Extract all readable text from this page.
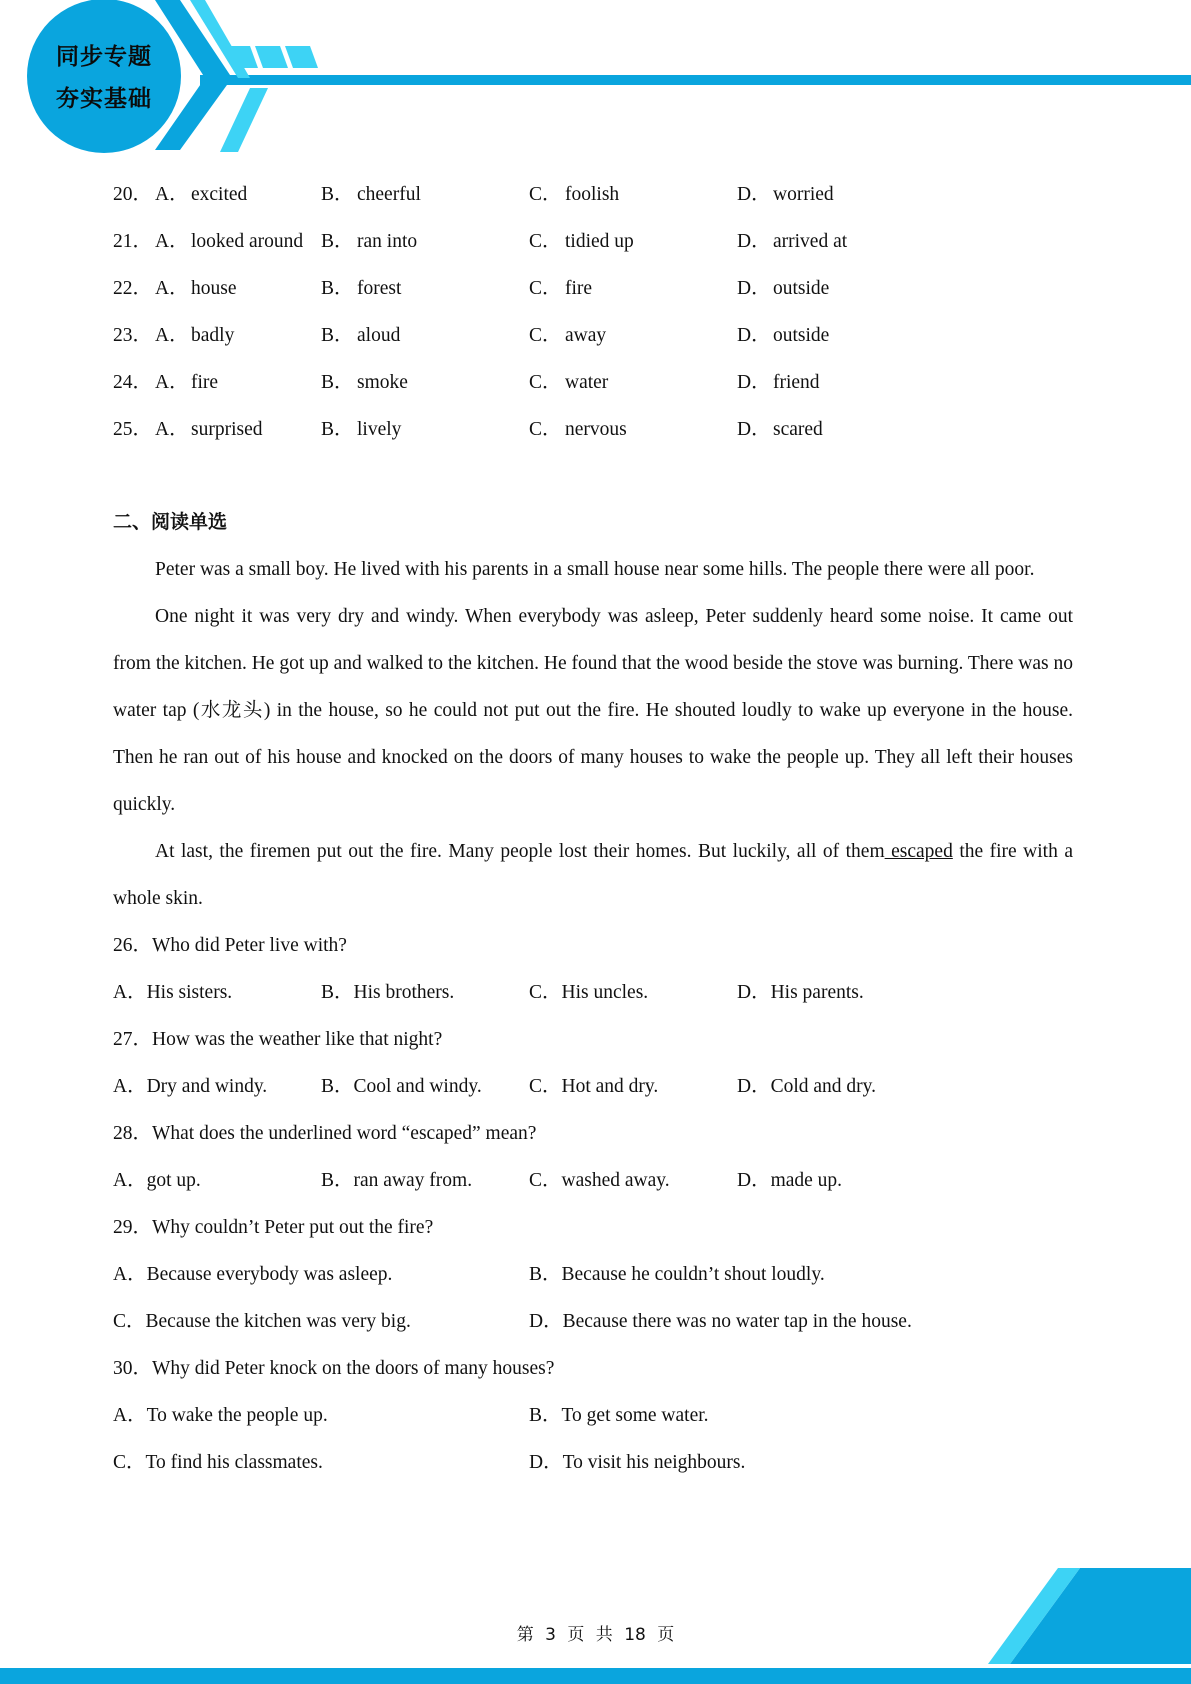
同步专题
夯实基础
20． A． excited	B． cheerful	C． foolish	D． worried
21． A． looked around B． ran into	C． tidied up	D． arrived at
22． A． house	B． forest	C． fire	D． outside
23． A． badly	B． aloud	C． away	D． outside
24． A． fire	B． smoke	C． water	D． friend
25． A． surprised	B． lively	C． nervous	D． scared
二、阅读单选

Peter was a small boy. He lived with his parents in a small house near some hills. The people there were all poor.

One night it was very dry and windy. When everybody was asleep, Peter suddenly heard some noise. It came out from the kitchen. He got up and walked to the kitchen. He found that the wood beside the stove was burning. There was no water tap (水龙头) in the house, so he could not put out the fire. He shouted loudly to wake up everyone in the house. Then he ran out of his house and knocked on the doors of many houses to wake the people up. They all left their houses quickly.

At last, the firemen put out the fire. Many people lost their homes. But luckily, all of them escaped the fire with a whole skin.

26．Who did Peter live with?
A．His sisters.	B．His brothers.	C．His uncles.	D．His parents.
27．How was the weather like that night?
A．Dry and windy.	B．Cool and windy. C．Hot and dry.	D．Cold and dry.
28．What does the underlined word “escaped” mean?
A．got up.	B．ran away from.	C．washed away.	D．made up.
29．Why couldn’t Peter put out the fire?
A．Because everybody was asleep.	B．Because he couldn’t shout loudly.
C．Because the kitchen was very big.	D．Because there was no water tap in the house.
30．Why did Peter knock on the doors of many houses?
A．To wake the people up.	B．To get some water.
C．To find his classmates.	D．To visit his neighbours.
第 3 页 共 18 页
